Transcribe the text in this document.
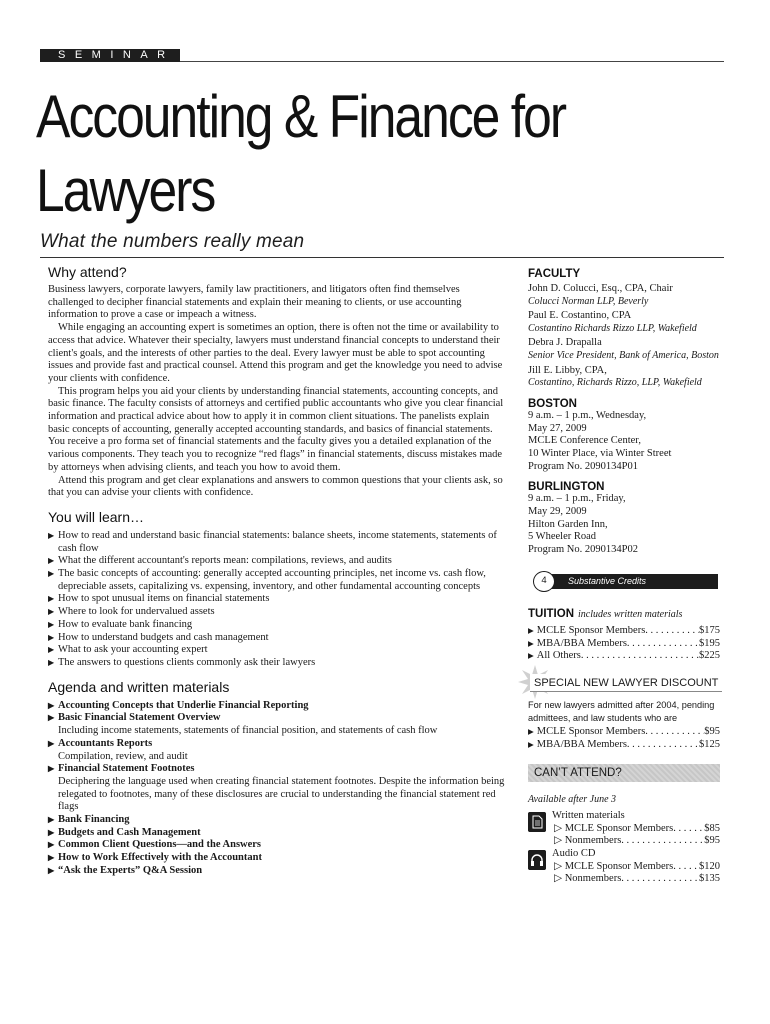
SEMINAR
Accounting & Finance for
Lawyers
What the numbers really mean
Why attend?

Business lawyers, corporate lawyers, family law practitioners, and litigators often find themselves challenged to decipher financial statements and explain their meaning to clients, or use accounting information to prove a case or impeach a witness.

While engaging an accounting expert is sometimes an option, there is often not the time or availability to access that advice. Whatever their specialty, lawyers must understand financial concepts to understand their client's goals, and the interests of other parties to the deal. Every lawyer must be able to spot accounting issues and provide fast and practical counsel. Attend this program and get the knowledge you need to advise your clients with confidence.

This program helps you aid your clients by understanding financial statements, accounting concepts, and basic finance. The faculty consists of attorneys and certified public accountants who give you clear financial information and practical advice about how to apply it in common client situations. The panelists explain basic concepts of accounting, generally accepted accounting standards, and basics of financial statements. You receive a pro forma set of financial statements and the faculty gives you a detailed explanation of the various components. They teach you to recognize “red flags” in financial statements, discuss mistakes made by attorneys when advising clients, and teach you how to avoid them.

Attend this program and get clear explanations and answers to common questions that your clients ask, so that you can advise your clients with confidence.

You will learn…
▶ How to read and understand basic financial statements: balance sheets, income statements, statements of cash flow
▶ What the different accountant's reports mean: compilations, reviews, and audits
▶ The basic concepts of accounting: generally accepted accounting principles, net income vs. cash flow, depreciable assets, capitalizing vs. expensing, inventory, and other fundamental accounting concepts
▶ How to spot unusual items on financial statements
▶ Where to look for undervalued assets
▶ How to evaluate bank financing
▶ How to understand budgets and cash management
▶ What to ask your accounting expert
▶ The answers to questions clients commonly ask their lawyers
Agenda and written materials
▶ Accounting Concepts that Underlie Financial Reporting
▶ Basic Financial Statement Overview
Including income statements, statements of financial position, and statements of cash flow
▶ Accountants Reports
Compilation, review, and audit
▶ Financial Statement Footnotes
Deciphering the language used when creating financial statement footnotes. Despite the information being relegated to footnotes, many of these disclosures are crucial to understanding the financial statement red flags
▶ Bank Financing
▶ Budgets and Cash Management
▶ Common Client Questions—and the Answers
▶ How to Work Effectively with the Accountant
▶ “Ask the Experts” Q&A Session
FACULTY
John D. Colucci, Esq., CPA, Chair
Colucci Norman LLP, Beverly
Paul E. Costantino, CPA
Costantino Richards Rizzo LLP, Wakefield
Debra J. Drapalla
Senior Vice President, Bank of America, Boston
Jill E. Libby, CPA,
Costantino, Richards Rizzo, LLP, Wakefield
BOSTON
9 a.m. – 1 p.m., Wednesday,
May 27, 2009
MCLE Conference Center,
10 Winter Place, via Winter Street
Program No. 2090134P01
BURLINGTON
9 a.m. – 1 p.m., Friday,
May 29, 2009
Hilton Garden Inn,
5 Wheeler Road
Program No. 2090134P02
Substantive Credits
4
TUITION includes written materials
▶ MCLE Sponsor Members . . .	$175
▶ MBA/BBA Members . . .	$195
▶ All Others . . .	$225
SPECIAL NEW LAWYER DISCOUNT
For new lawyers admitted after 2004, pending admittees, and law students who are
▶ MCLE Sponsor Members . . .	$95
▶ MBA/BBA Members . . .	$125
CAN’T ATTEND?
Available after June 3
Written materials
▷ MCLE Sponsor Members . . .	$85
▷ Nonmembers . . .	$95
Audio CD
▷ MCLE Sponsor Members . . . $120
▷ Nonmembers . . .	$135
